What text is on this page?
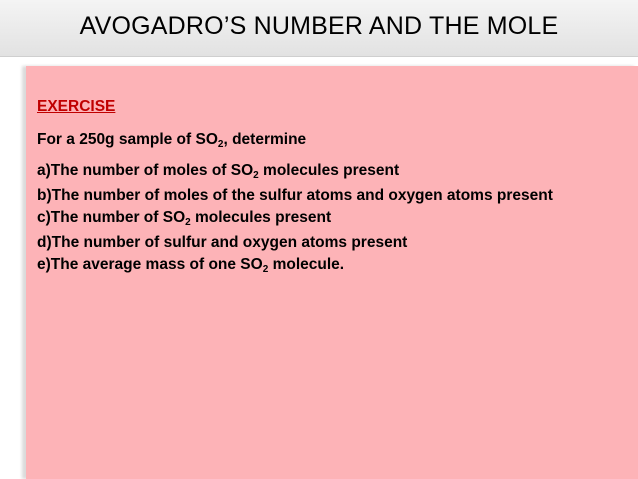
AVOGADRO’S NUMBER AND THE MOLE
EXERCISE
For a 250g sample of $SO_2$, determine
a)The number of moles of $SO_2$ molecules present
b)The number of moles of the sulfur atoms and oxygen atoms present
c)The number of $SO_2$ molecules present
d)The number of sulfur and oxygen atoms present
e)The average mass of one $SO_2$ molecule.
